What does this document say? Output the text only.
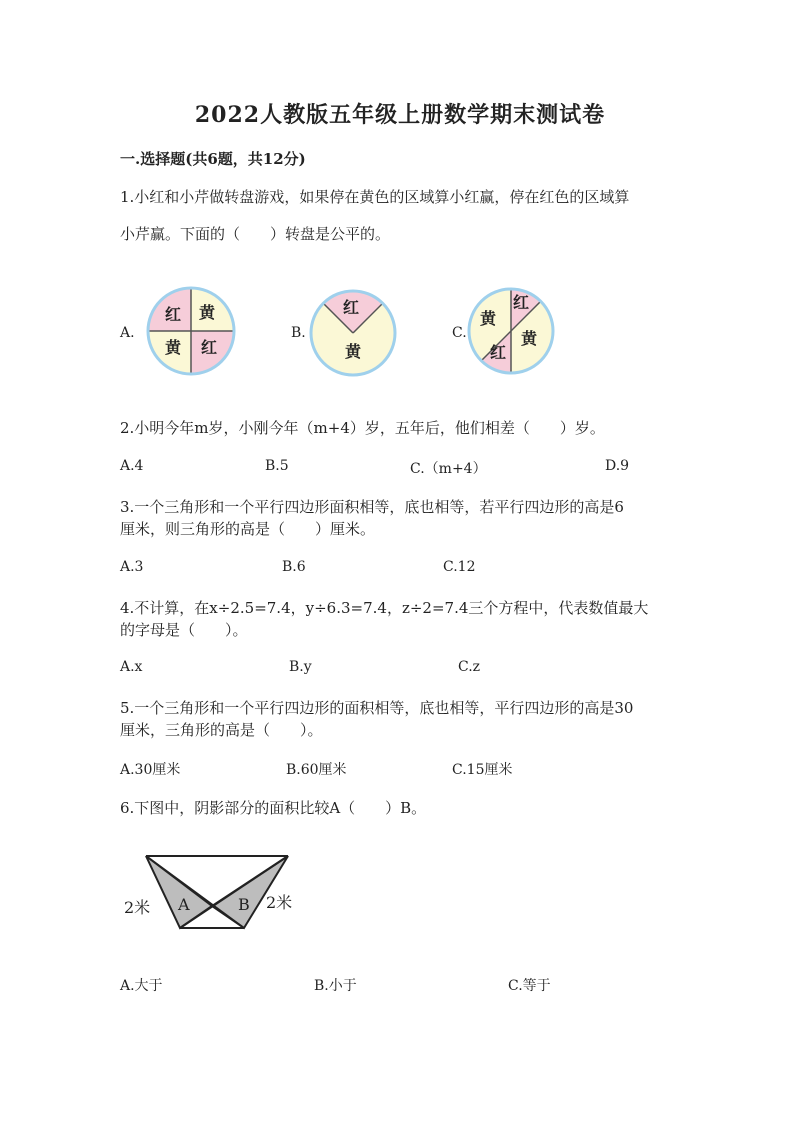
2022人教版五年级上册数学期末测试卷
一.选择题(共6题，共12分)
1.小红和小芹做转盘游戏，如果停在黄色的区域算小红赢，停在红色的区域算
小芹赢。下面的（　　）转盘是公平的。
A.
红 黄
黄 红
B.
红
黄
C.
红
黄
黄
红
2.小明今年m岁，小刚今年（m+4）岁，五年后，他们相差（　　）岁。
A.4	B.5	C.（m+4）	D.9
3.一个三角形和一个平行四边形面积相等，底也相等，若平行四边形的高是6
厘米，则三角形的高是（　　）厘米。
A.3	B.6	C.12
4.不计算，在x÷2.5=7.4，y÷6.3=7.4，z÷2=7.4三个方程中，代表数值最大
的字母是（　　）。
A.x	B.y	C.z
5.一个三角形和一个平行四边形的面积相等，底也相等，平行四边形的高是30
厘米，三角形的高是（　　）。
A.30厘米	B.60厘米	C.15厘米
6.下图中，阴影部分的面积比较A（　　）B。
2米 A	B 2米
A.大于	B.小于	C.等于
